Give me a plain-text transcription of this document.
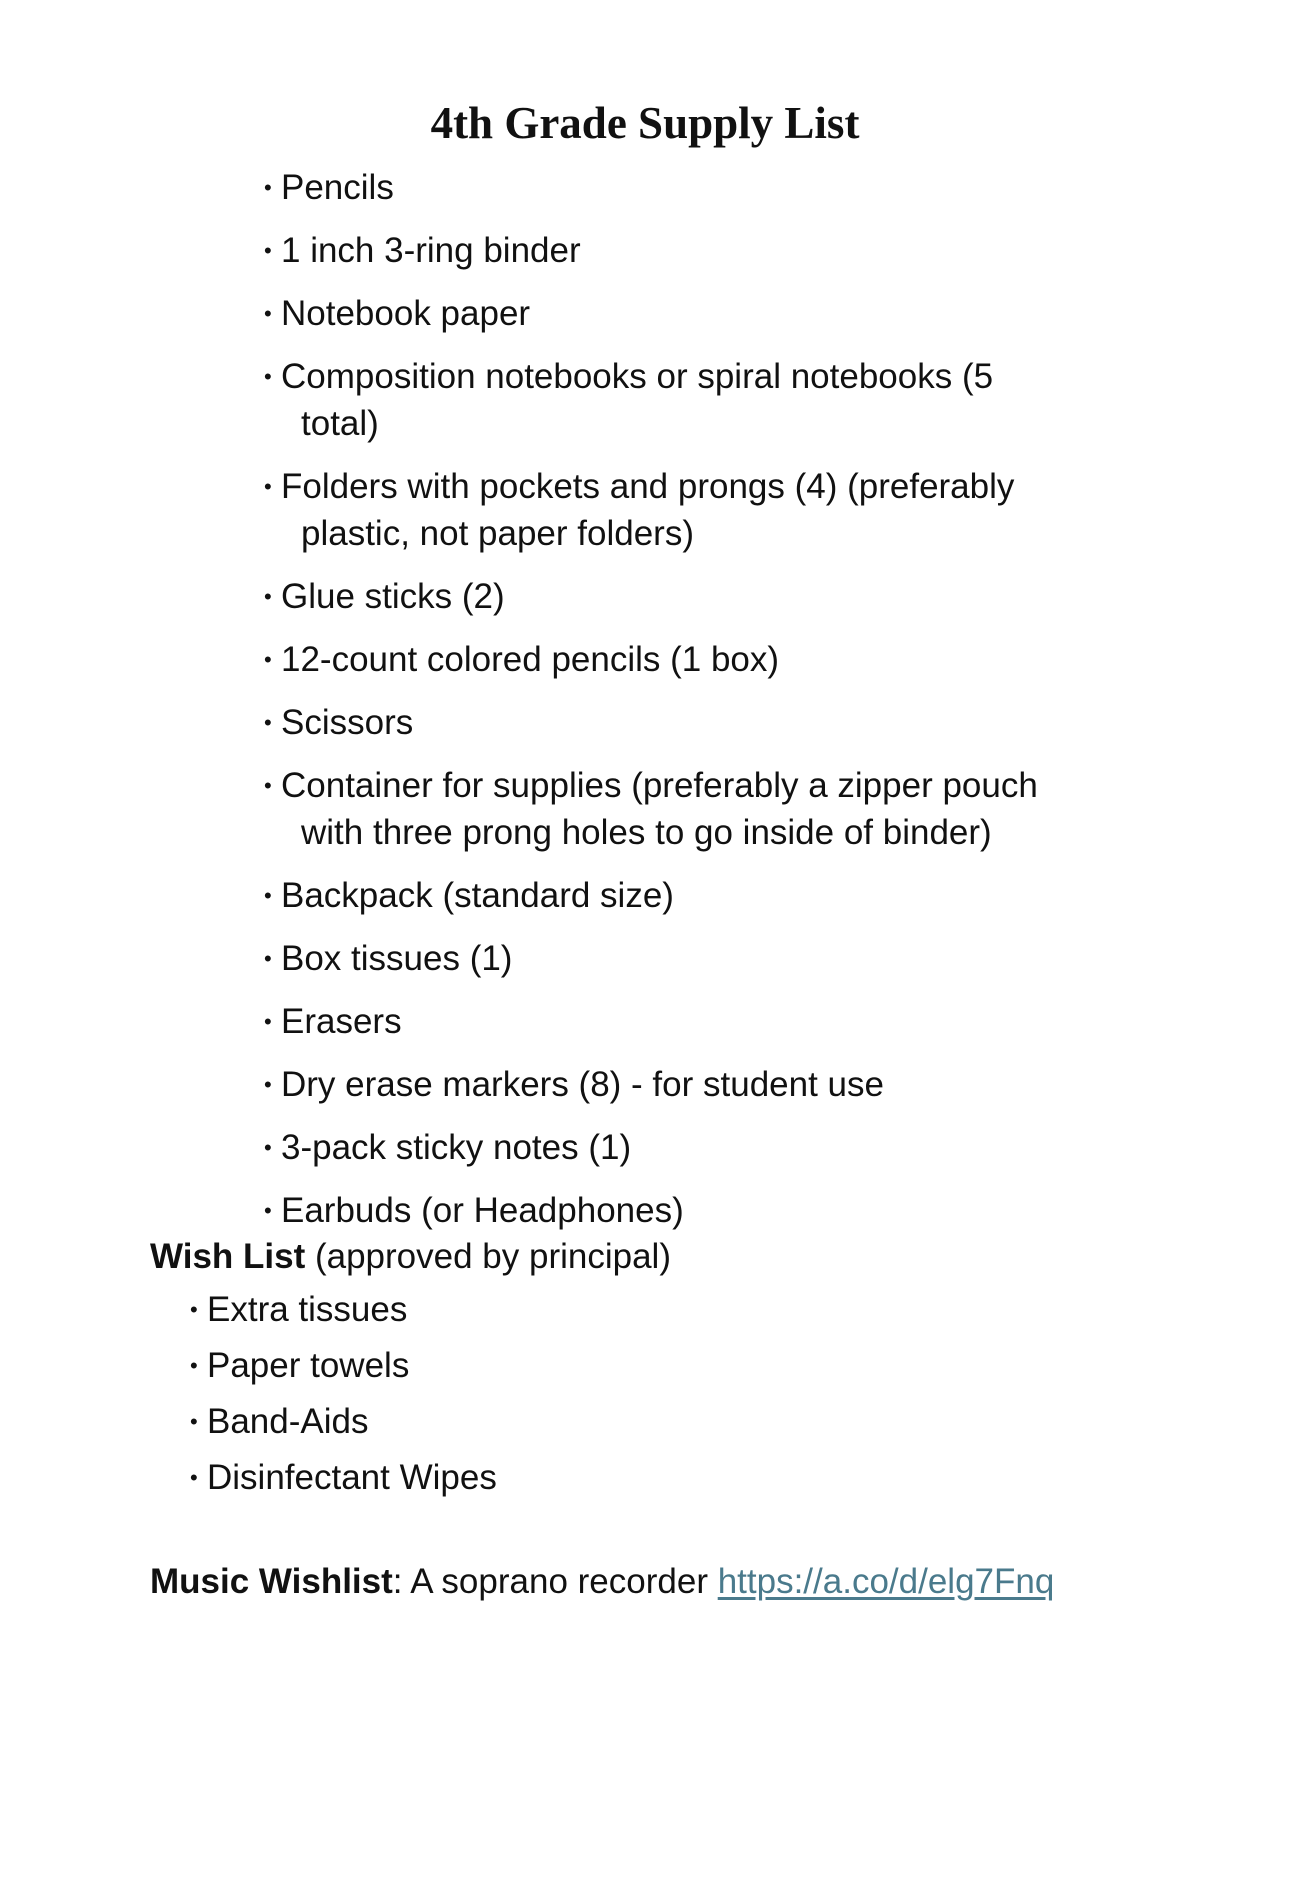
4th Grade Supply List
• Pencils
• 1 inch 3-ring binder
• Notebook paper
• Composition notebooks or spiral notebooks (5
total)
• Folders with pockets and prongs (4) (preferably
plastic, not paper folders)
• Glue sticks (2)
• 12-count colored pencils (1 box)
• Scissors
• Container for supplies (preferably a zipper pouch
with three prong holes to go inside of binder)
• Backpack (standard size)
• Box tissues (1)
• Erasers
• Dry erase markers (8) - for student use
• 3-pack sticky notes (1)
• Earbuds (or Headphones)
Wish List (approved by principal)
• Extra tissues
• Paper towels
• Band-Aids
• Disinfectant Wipes
Music Wishlist: A soprano recorder https://a.co/d/elg7Fnq
